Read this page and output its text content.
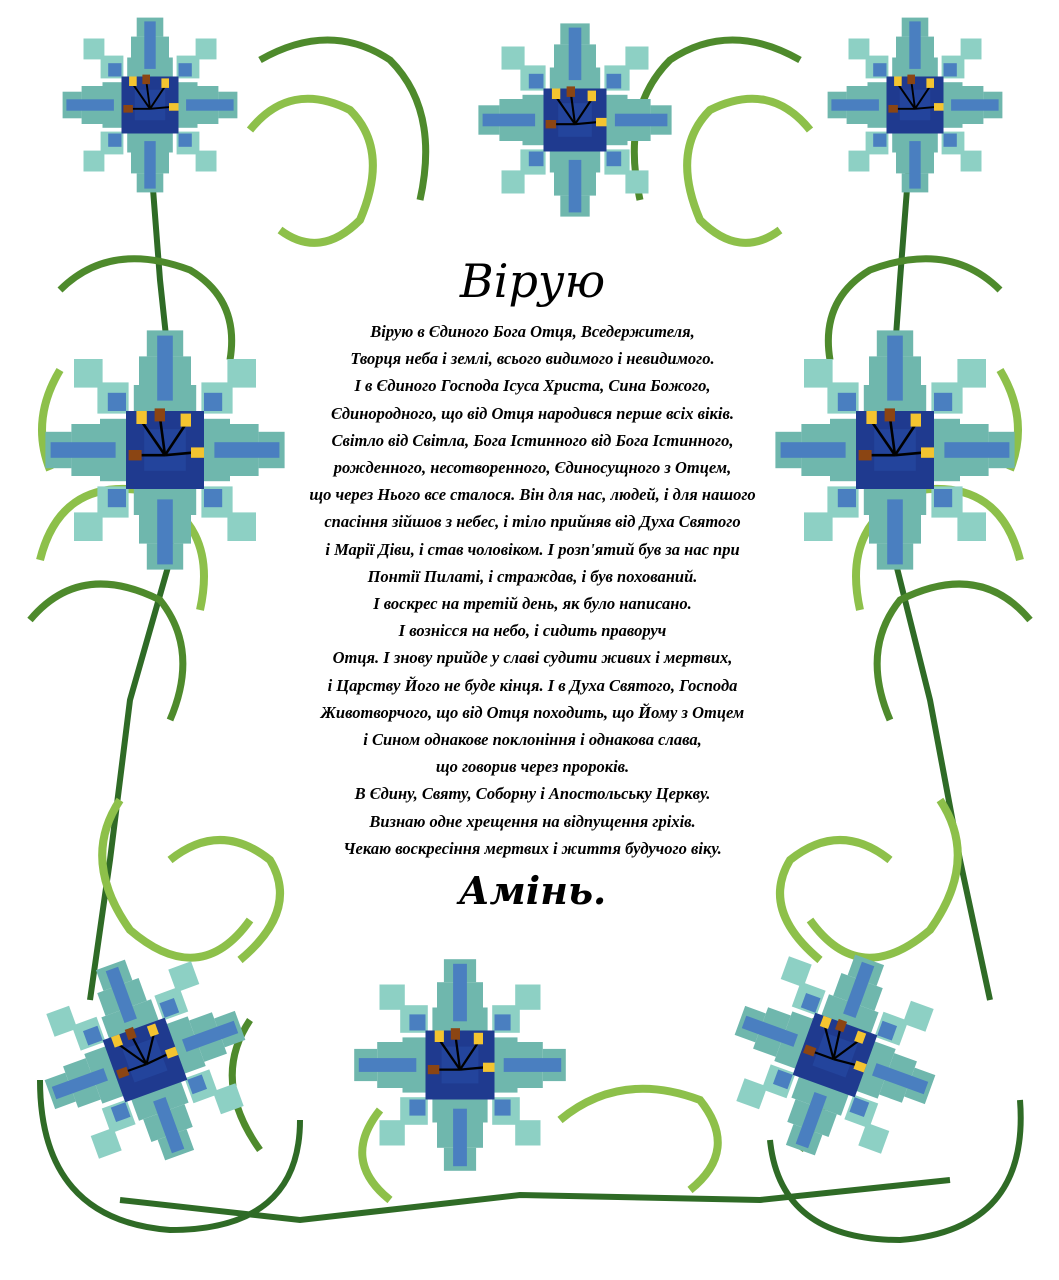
Вірую
Вірую в Єдиного Бога Отця, Вседержителя,
Творця неба і землі, всього видимого і невидимого.
І в Єдиного Господа Ісуса Христа, Сина Божого,
Єдинородного, що від Отця народився перше всіх віків.
Світло від Світла, Бога Істинного від Бога Істинного,
рожденного, несотворенного, Єдиносущного з Отцем,
що через Нього все сталося. Він для нас, людей, і для нашого
спасіння зійшов з небес, і тіло прийняв від Духа Святого
і Марії Діви, і став чоловіком. І розп'ятий був за нас при
Понтії Пилаті, і страждав, і був похований.
І воскрес на третій день, як було написано.
І вознісся на небо, і сидить праворуч
Отця. І знову прийде у славі судити живих і мертвих,
і Царству Його не буде кінця. І в Духа Святого, Господа
Животворчого, що від Отця походить, що Йому з Отцем
і Сином однакове поклоніння і однакова слава,
що говорив через пророків.
В Єдину, Святу, Соборну і Апостольську Церкву.
Визнаю одне хрещення на відпущення гріхів.
Чекаю воскресіння мертвих і життя будучого віку.
Амінь.
